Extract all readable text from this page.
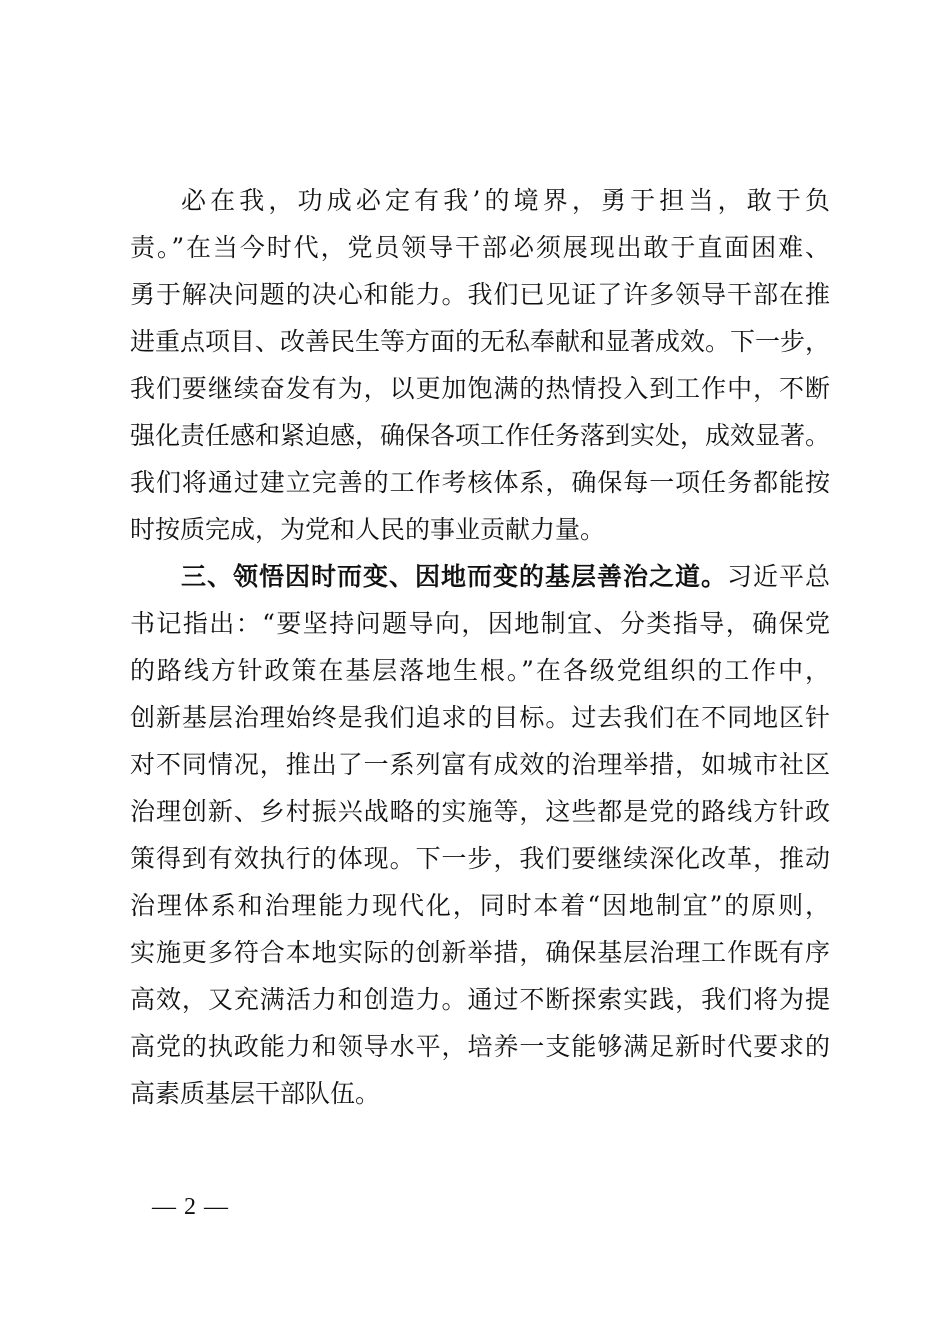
必在我，功成必定有我’的境界，勇于担当，敢于负
责。”在当今时代，党员领导干部必须展现出敢于直面困难、
勇于解决问题的决心和能力。我们已见证了许多领导干部在推
进重点项目、改善民生等方面的无私奉献和显著成效。下一步，
我们要继续奋发有为，以更加饱满的热情投入到工作中，不断
强化责任感和紧迫感，确保各项工作任务落到实处，成效显著。
我们将通过建立完善的工作考核体系，确保每一项任务都能按
时按质完成，为党和人民的事业贡献力量。
三、领悟因时而变、因地而变的基层善治之道。习近平总
书记指出：“要坚持问题导向，因地制宜、分类指导，确保党
的路线方针政策在基层落地生根。”在各级党组织的工作中，
创新基层治理始终是我们追求的目标。过去我们在不同地区针
对不同情况，推出了一系列富有成效的治理举措，如城市社区
治理创新、乡村振兴战略的实施等，这些都是党的路线方针政
策得到有效执行的体现。下一步，我们要继续深化改革，推动
治理体系和治理能力现代化，同时本着“因地制宜”的原则，
实施更多符合本地实际的创新举措，确保基层治理工作既有序
高效，又充满活力和创造力。通过不断探索实践，我们将为提
高党的执政能力和领导水平，培养一支能够满足新时代要求的
高素质基层干部队伍。
— 2 —
